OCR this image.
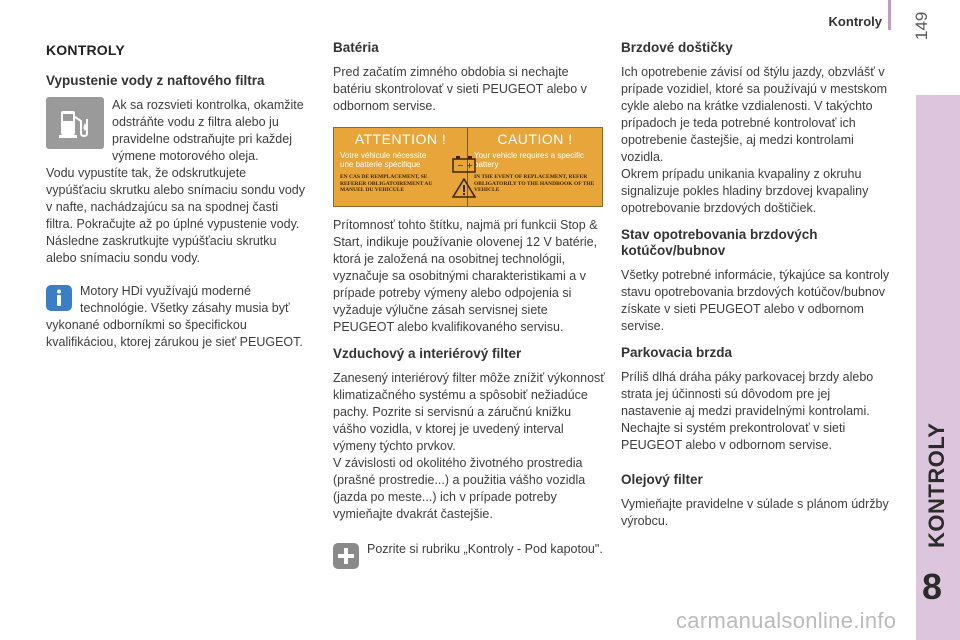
Kontroly 149
KONTROLY
8
KONTROLY
Vypustenie vody z naftového filtra

Ak sa rozsvieti kontrolka, okamžite odstráňte vodu z filtra alebo ju pravidelne odstraňujte pri každej výmene motorového oleja.

Vodu vypustíte tak, že odskrutkujete vypúšťaciu skrutku alebo snímaciu sondu vody v nafte, nachádzajúcu sa na spodnej časti filtra. Pokračujte až po úplné vypustenie vody. Následne zaskrutkujte vypúšťaciu skrutku alebo snímaciu sondu vody.

Motory HDi využívajú moderné technológie. Všetky zásahy musia byť vykonané odborníkmi so špecifickou kvalifikáciou, ktorej zárukou je sieť PEUGEOT.

Batéria

Pred začatím zimného obdobia si nechajte batériu skontrolovať v sieti PEUGEOT alebo v odbornom servise.

ATTENTION !
Votre véhicule nécessite une batterie spécifique
EN CAS DE REMPLACEMENT, SE REFERER OBLIGATOIREMENT AU MANUEL DU VEHICULE
CAUTION !
Your vehicle requires a specific battery
IN THE EVENT OF REPLACEMENT, REFER OBLIGATORILY TO THE HANDBOOK OF THE VEHICLE
− +

Prítomnosť tohto štítku, najmä pri funkcii Stop & Start, indikuje používanie olovenej 12 V batérie, ktorá je založená na osobitnej technológii, vyznačuje sa osobitnými charakteristikami a v prípade potreby výmeny alebo odpojenia si vyžaduje výlučne zásah servisnej siete PEUGEOT alebo kvalifikovaného servisu.

Vzduchový a interiérový filter

Zanesený interiérový filter môže znížiť výkonnosť klimatizačného systému a spôsobiť nežiadúce pachy. Pozrite si servisnú a záručnú knižku vášho vozidla, v ktorej je uvedený interval výmeny týchto prvkov.

V závislosti od okolitého životného prostredia (prašné prostredie...) a použitia vášho vozidla (jazda po meste...) ich v prípade potreby vymieňajte dvakrát častejšie.

Pozrite si rubriku „Kontroly - Pod kapotou".

Brzdové doštičky

Ich opotrebenie závisí od štýlu jazdy, obzvlášť v prípade vozidiel, ktoré sa používajú v mestskom cykle alebo na krátke vzdialenosti. V takýchto prípadoch je teda potrebné kontrolovať ich opotrebenie častejšie, aj medzi kontrolami vozidla.

Okrem prípadu unikania kvapaliny z okruhu signalizuje pokles hladiny brzdovej kvapaliny opotrebovanie brzdových doštičiek.

Stav opotrebovania brzdových kotúčov/bubnov

Všetky potrebné informácie, týkajúce sa kontroly stavu opotrebovania brzdových kotúčov/bubnov získate v sieti PEUGEOT alebo v odbornom servise.

Parkovacia brzda

Príliš dlhá dráha páky parkovacej brzdy alebo strata jej účinnosti sú dôvodom pre jej nastavenie aj medzi pravidelnými kontrolami.

Nechajte si systém prekontrolovať v sieti PEUGEOT alebo v odbornom servise.

Olejový filter

Vymieňajte pravidelne v súlade s plánom údržby výrobcu.

carmanualsonline.info
